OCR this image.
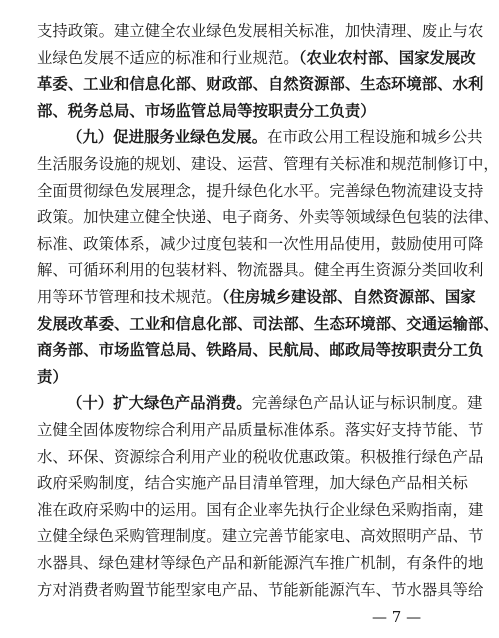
支持政策。建立健全农业绿色发展相关标准，加快清理、废止与农
业绿色发展不适应的标准和行业规范。（农业农村部、国家发展改
革委、工业和信息化部、财政部、自然资源部、生态环境部、水利
部、税务总局、市场监管总局等按职责分工负责）
（九）促进服务业绿色发展。在市政公用工程设施和城乡公共
生活服务设施的规划、建设、运营、管理有关标准和规范制修订中，
全面贯彻绿色发展理念，提升绿色化水平。完善绿色物流建设支持
政策。加快建立健全快递、电子商务、外卖等领域绿色包装的法律、
标准、政策体系，减少过度包装和一次性用品使用，鼓励使用可降
解、可循环利用的包装材料、物流器具。健全再生资源分类回收利
用等环节管理和技术规范。（住房城乡建设部、自然资源部、国家
发展改革委、工业和信息化部、司法部、生态环境部、交通运输部、
商务部、市场监管总局、铁路局、民航局、邮政局等按职责分工负
责）
（十）扩大绿色产品消费。完善绿色产品认证与标识制度。建
立健全固体废物综合利用产品质量标准体系。落实好支持节能、节
水、环保、资源综合利用产业的税收优惠政策。积极推行绿色产品
政府采购制度，结合实施产品目清单管理，加大绿色产品相关标
准在政府采购中的运用。国有企业率先执行企业绿色采购指南，建
立健全绿色采购管理制度。建立完善节能家电、高效照明产品、节
水器具、绿色建材等绿色产品和新能源汽车推广机制，有条件的地
方对消费者购置节能型家电产品、节能新能源汽车、节水器具等给
— 7 —
